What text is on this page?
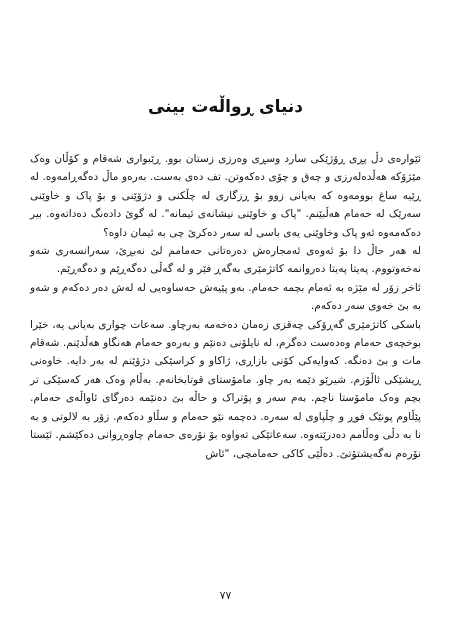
دنیای ڕواڵەت بینی

ئێوارەی دڵ پڕی ڕۆژێکی سارد وسڕی وەرزی زستان بوو. ڕێبواری شەقام و کۆڵان وەک مێژۆکە هەڵدەلەرزی و چەق و چۆی دەکەوتن. تف دەی بەست. بەرەو ماڵ دەگەڕامەوە. لە ڕێیە ساغ بوومەوە کە بەیانی زوو بۆ ڕزگاری لە چڵکنی و دژۆێنی و بۆ پاک و خاوێنی سەرێک لە حەمام هەڵبێنم. "پاک و خاوێنی نیشانەی ئیمانە". لە گوێ دادەنگ دەداتەوە. بیر دەکەمەوە ئەو پاک وخاوێنی یەی باسی لە سەر دەکرێ چی بە ئیمان داوە؟

لە هەر حاڵ دا بۆ ئەوەی ئەمجارەش دەرەتانی حەمامم لێ نەبڕێ، سەرانسەری شەو نەخەوتووم. پەیتا پەیتا دەروانمە کاتژمێری بەگەڕ فێر و لە گەڵی دەگەڕێم و دەگەڕێم.

ئاخر زۆر لە مێژە بە ئەمام بچمە حەمام. بەو پێیەش حەساوەیی لە لەش دەر دەکەم و شەو بە بێ خەوی سەر دەکەم.

باسکی کاتژمێری گەڕۆکی چەقزی زەمان دەخەمە بەرچاو. سەعات چواری بەیانی یە، خێرا بوخچەی حەمام وەدەست دەگرم، لە نایلۆنی دەنێم و بەرەو حەمام هەنگاو هەڵدێنم. شەقام مات و بێ دەنگە. کەوایەکی کۆنی بازاڕی، ژاکاو و کراسێکی دژۆێنم لە بەر دایە. خاوەنی ڕیشێکی ئاڵۆزم. شیرێو دێمە بەر چاو. مامۆستای قوتابخانەم. بەڵام وەک هەر کەسێکی تر بچم وەک مامۆستا ناچم. بەم سەر و پۆتراک و حاڵە بێ دەنێمە دەرگای ئاواڵەی حەمام. پێڵاوم پونێک فوڕ و چڵپاوی لە سەرە. دەچمە نێو حەمام و سڵاو دەکەم. زۆر بە لالوتی و بە نا بە دڵی وەڵامم دەدرێتەوە. سەعاتێکی تەواوە بۆ نۆرەی حەمام چاوەڕوانی دەکێشم. ئێستا نۆرەم نەگەیشتۆتێ. دەڵێی کاکی حەمامچی، "ئاش

٧٧
